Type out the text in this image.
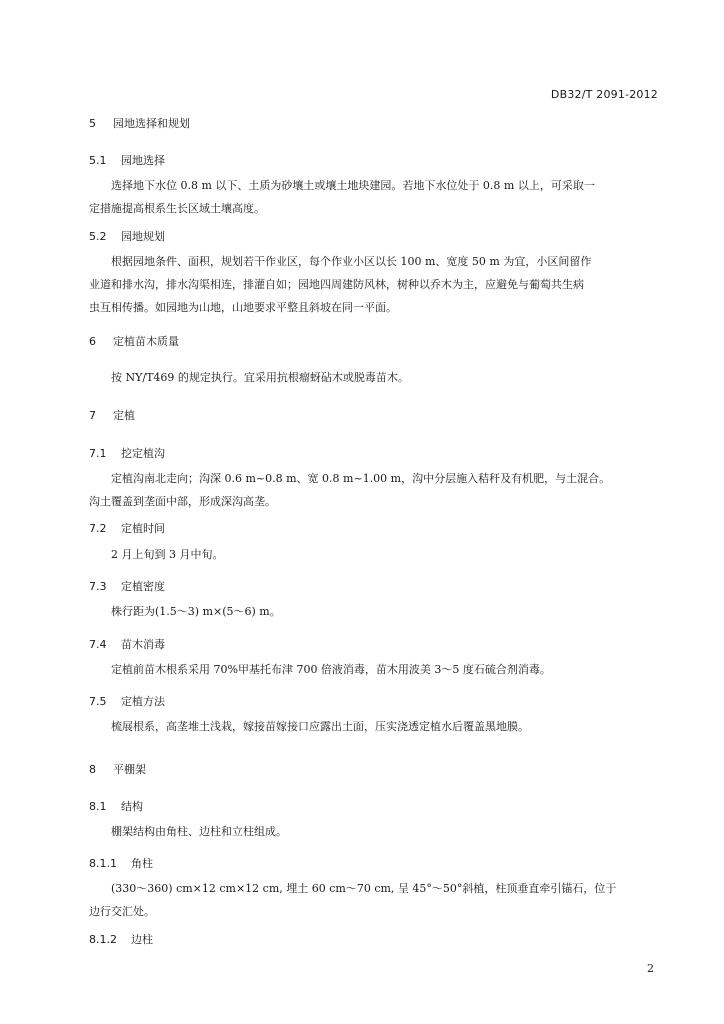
DB32/T 2091-2012
5 园地选择和规划
5.1 园地选择
选择地下水位 0.8 m 以下、土质为砂壤土或壤土地块建园。若地下水位处于 0.8 m 以上，可采取一
定措施提高根系生长区域土壤高度。
5.2 园地规划
根据园地条件、面积，规划若干作业区，每个作业小区以长 100 m、宽度 50 m 为宜，小区间留作
业道和排水沟，排水沟渠相连，排灌自如；园地四周建防风林，树种以乔木为主，应避免与葡萄共生病
虫互相传播。如园地为山地，山地要求平整且斜坡在同一平面。
6 定植苗木质量
按 NY/T469 的规定执行。宜采用抗根瘤蚜砧木或脱毒苗木。
7 定植
7.1 挖定植沟
定植沟南北走向；沟深 0.6 m~0.8 m、宽 0.8 m~1.00 m，沟中分层施入秸秆及有机肥，与土混合。
沟土覆盖到垄面中部，形成深沟高垄。
7.2 定植时间
2 月上旬到 3 月中旬。
7.3 定植密度
株行距为(1.5～3) m×(5～6) m。
7.4 苗木消毒
定植前苗木根系采用 70%甲基托布津 700 倍液消毒，苗木用波美 3～5 度石硫合剂消毒。
7.5 定植方法
梳展根系，高垄堆土浅栽，嫁接苗嫁接口应露出土面，压实浇透定植水后覆盖黑地膜。
8 平棚架
8.1 结构
棚架结构由角柱、边柱和立柱组成。
8.1.1 角柱
(330～360) cm×12 cm×12 cm, 埋土 60 cm～70 cm, 呈 45°～50°斜植，柱顶垂直牵引锚石，位于
边行交汇处。
8.1.2 边柱
2
